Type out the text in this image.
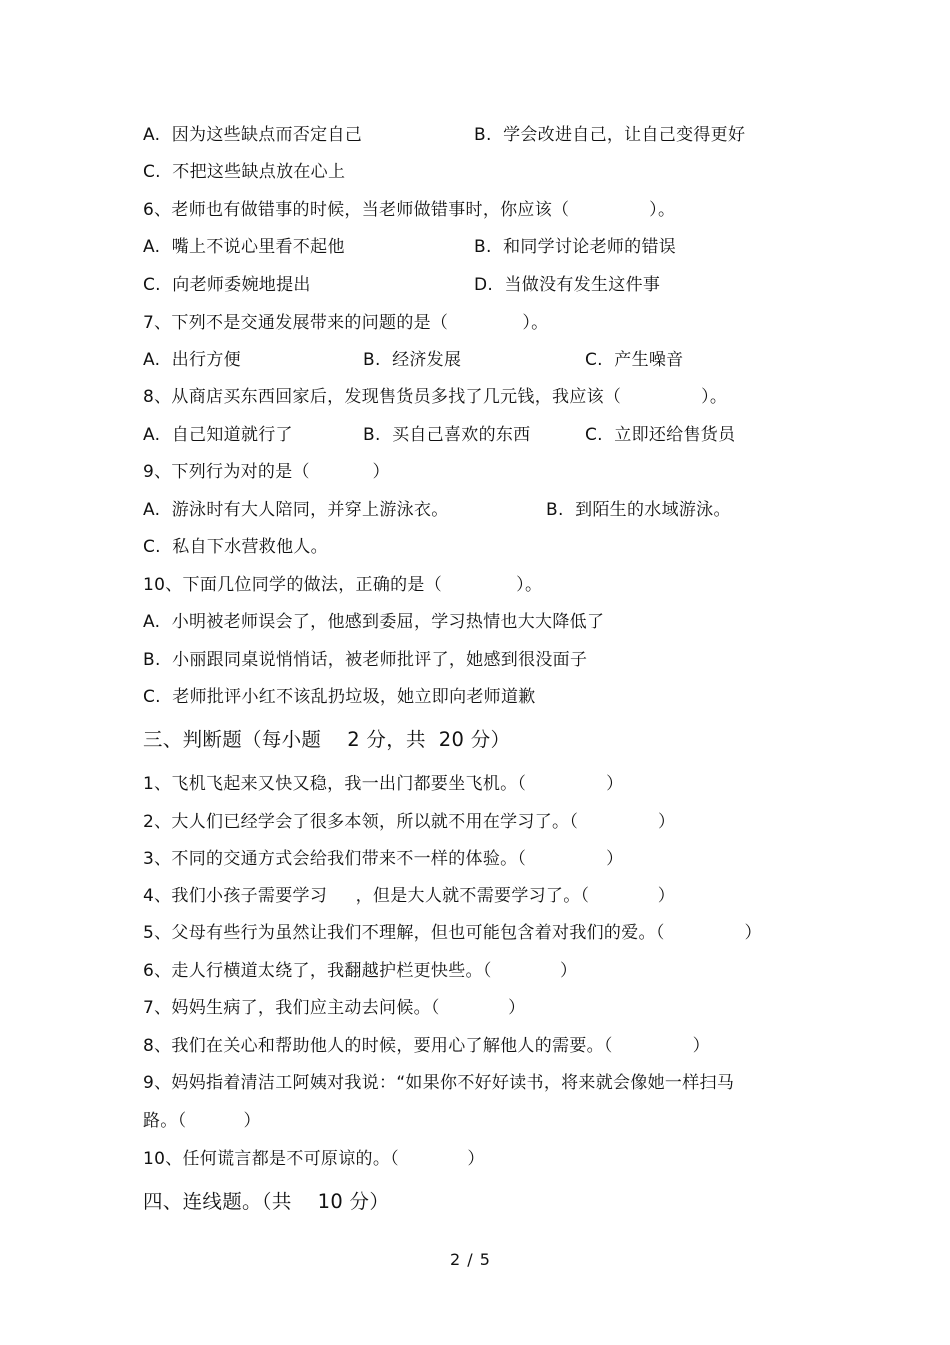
A.  因为这些缺点而否定自己	B.  学会改进自己，让自己变得更好
C.  不把这些缺点放在心上
6、老师也有做错事的时候，当老师做错事时，你应该（              ）。
A.  嘴上不说心里看不起他	B.  和同学讨论老师的错误
C.  向老师委婉地提出	D.  当做没有发生这件事
7、下列不是交通发展带来的问题的是（             ）。
A.  出行方便	B.  经济发展	C.  产生噪音
8、从商店买东西回家后，发现售货员多找了几元钱，我应该（              ）。
A.  自己知道就行了	B.  买自己喜欢的东西	C.  立即还给售货员
9、下列行为对的是（           ）
A.  游泳时有大人陪同，并穿上游泳衣。	B.  到陌生的水域游泳。
C.  私自下水营救他人。
10、下面几位同学的做法，正确的是（             ）。
A.  小明被老师误会了，他感到委屈，学习热情也大大降低了
B.  小丽跟同桌说悄悄话，被老师批评了，她感到很没面子
C.  老师批评小红不该乱扔垃圾，她立即向老师道歉
三、判断题（每小题    2 分，共  20 分）
1、飞机飞起来又快又稳，我一出门都要坐飞机。（              ）
2、大人们已经学会了很多本领，所以就不用在学习了。（              ）
3、不同的交通方式会给我们带来不一样的体验。（              ）
4、我们小孩子需要学习     ，但是大人就不需要学习了。（            ）
5、父母有些行为虽然让我们不理解，但也可能包含着对我们的爱。（              ）
6、走人行横道太绕了，我翻越护栏更快些。（            ）
7、妈妈生病了，我们应主动去问候。（            ）
8、我们在关心和帮助他人的时候，要用心了解他人的需要。（              ）
9、妈妈指着清洁工阿姨对我说：“如果你不好好读书，将来就会像她一样扫马
路。（          ）
10、任何谎言都是不可原谅的。（            ）
四、连线题。（共    10 分）
2 / 5
